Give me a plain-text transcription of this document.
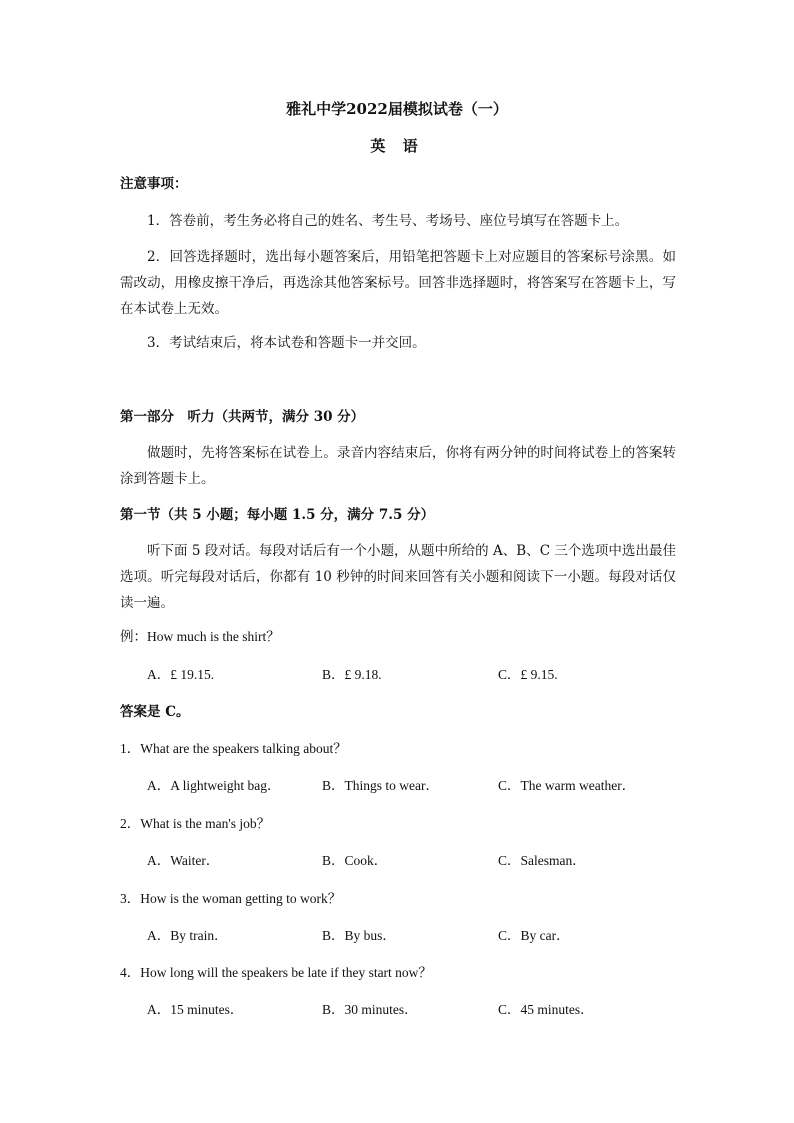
雅礼中学2022届模拟试卷（一）
英 语
注意事项：
1．答卷前，考生务必将自己的姓名、考生号、考场号、座位号填写在答题卡上。
2．回答选择题时，选出每小题答案后，用铅笔把答题卡上对应题目的答案标号涂黑。如需改动，用橡皮擦干净后，再选涂其他答案标号。回答非选择题时，将答案写在答题卡上，写在本试卷上无效。
3．考试结束后，将本试卷和答题卡一并交回。
第一部分　听力（共两节，满分 30 分）
做题时，先将答案标在试卷上。录音内容结束后，你将有两分钟的时间将试卷上的答案转涂到答题卡上。
第一节（共 5 小题；每小题 1.5 分，满分 7.5 分）
听下面 5 段对话。每段对话后有一个小题，从题中所给的 A、B、C 三个选项中选出最佳选项。听完每段对话后，你都有 10 秒钟的时间来回答有关小题和阅读下一小题。每段对话仅读一遍。
例：How much is the shirt？
A．£ 19.15.	B．£ 9.18.	C．£ 9.15.
答案是 C。
1．What are the speakers talking about？
A．A lightweight bag．	B．Things to wear．	C．The warm weather．
2．What is the man's job？
A．Waiter．	B．Cook．	C．Salesman．
3．How is the woman getting to work？
A．By train．	B．By bus．	C．By car．
4．How long will the speakers be late if they start now？
A．15 minutes．	B．30 minutes．	C．45 minutes．
